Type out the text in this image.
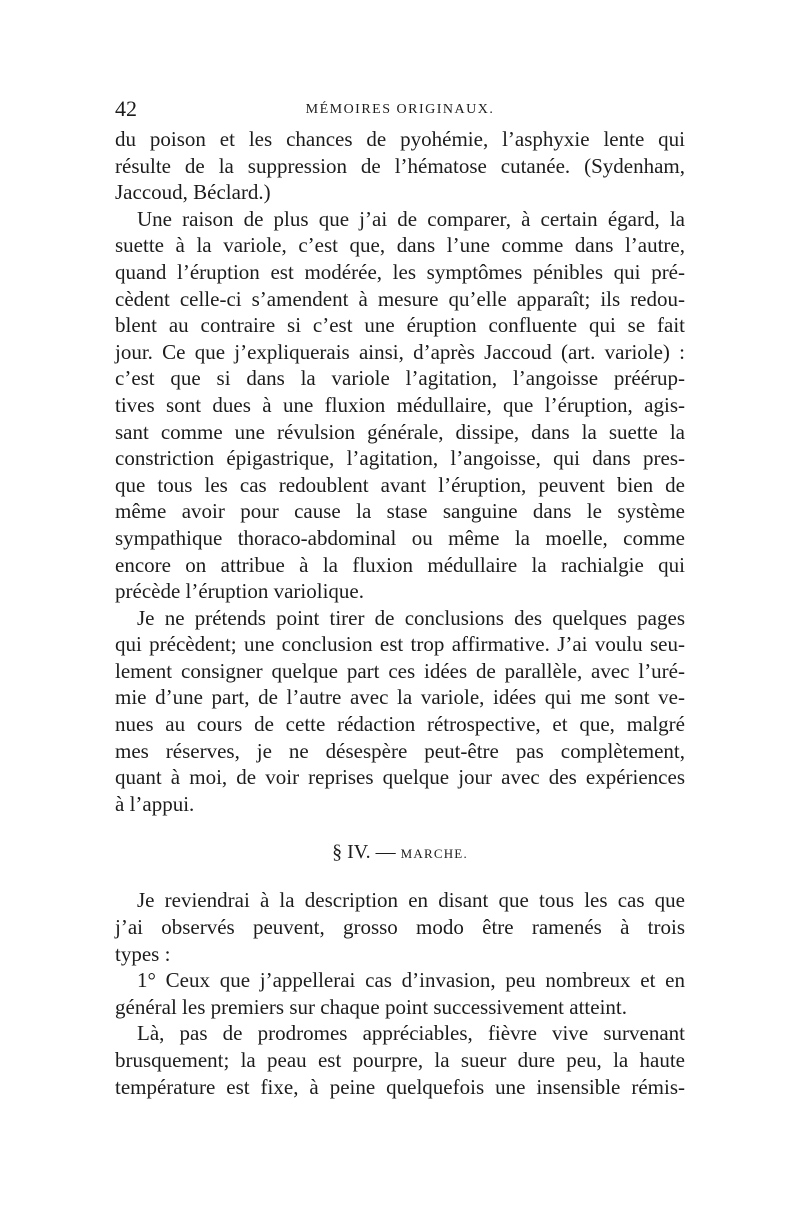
42	MÉMOIRES ORIGINAUX.
du poison et les chances de pyohémie, l’asphyxie lente qui
résulte de la suppression de l’hématose cutanée. (Sydenham,
Jaccoud, Béclard.)
Une raison de plus que j’ai de comparer, à certain égard, la
suette à la variole, c’est que, dans l’une comme dans l’autre,
quand l’éruption est modérée, les symptômes pénibles qui pré-
cèdent celle-ci s’amendent à mesure qu’elle apparaît; ils redou-
blent au contraire si c’est une éruption confluente qui se fait
jour. Ce que j’expliquerais ainsi, d’après Jaccoud (art. variole) :
c’est que si dans la variole l’agitation, l’angoisse préérup-
tives sont dues à une fluxion médullaire, que l’éruption, agis-
sant comme une révulsion générale, dissipe, dans la suette la
constriction épigastrique, l’agitation, l’angoisse, qui dans pres-
que tous les cas redoublent avant l’éruption, peuvent bien de
même avoir pour cause la stase sanguine dans le système
sympathique thoraco-abdominal ou même la moelle, comme
encore on attribue à la fluxion médullaire la rachialgie qui
précède l’éruption variolique.
Je ne prétends point tirer de conclusions des quelques pages
qui précèdent; une conclusion est trop affirmative. J’ai voulu seu-
lement consigner quelque part ces idées de parallèle, avec l’uré-
mie d’une part, de l’autre avec la variole, idées qui me sont ve-
nues au cours de cette rédaction rétrospective, et que, malgré
mes réserves, je ne désespère peut-être pas complètement,
quant à moi, de voir reprises quelque jour avec des expériences
à l’appui.
§ IV. — MARCHE.
Je reviendrai à la description en disant que tous les cas que
j’ai observés peuvent, grosso modo être ramenés à trois
types :
1° Ceux que j’appellerai cas d’invasion, peu nombreux et en
général les premiers sur chaque point successivement atteint.
Là, pas de prodromes appréciables, fièvre vive survenant
brusquement; la peau est pourpre, la sueur dure peu, la haute
température est fixe, à peine quelquefois une insensible rémis-
